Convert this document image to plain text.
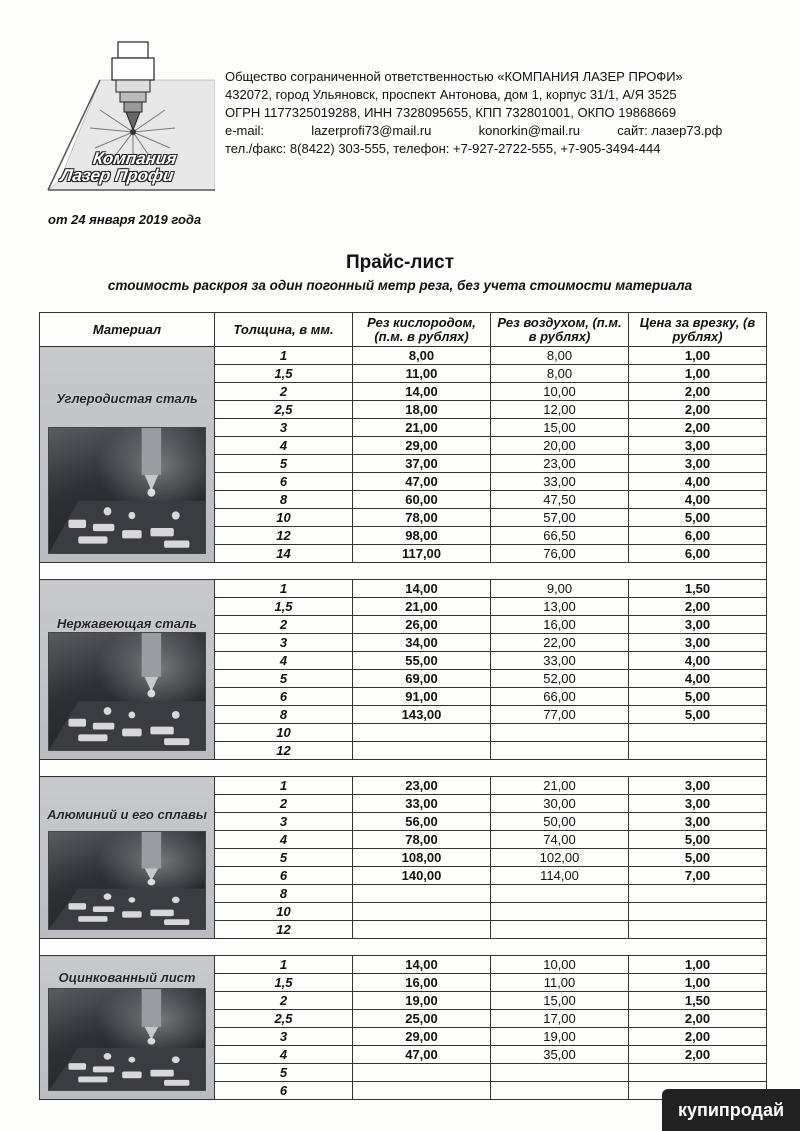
Компания
Лазер Профи
Общество сограниченной ответственностью «КОМПАНИЯ ЛАЗЕР ПРОФИ»
432072, город Ульяновск, проспект Антонова, дом 1, корпус 31/1, А/Я 3525
ОГРН 1177325019288, ИНН 7328095655, КПП 732801001, ОКПО 19868669
e-mail:	lazerprofi73@mail.ru	konorkin@mail.ru	сайт: лазер73.рф
тел./факс: 8(8422) 303-555, телефон: +7-927-2722-555, +7-905-3494-444
от 24 января 2019 года
Прайс-лист
стоимость раскроя за один погонный метр реза, без учета стоимости материала
Материал	Толщина, в мм.	Рез кислородом, (п.м. в рублях)	Рез воздухом, (п.м. в рублях)	Цена за врезку, (в рублях)

Углеродистая сталь	1	8,00	8,00	1,00
	1,5	11,00	8,00	1,00
	2	14,00	10,00	2,00
	2,5	18,00	12,00	2,00
	3	21,00	15,00	2,00
	4	29,00	20,00	3,00
	5	37,00	23,00	3,00
	6	47,00	33,00	4,00
	8	60,00	47,50	4,00
	10	78,00	57,00	5,00
	12	98,00	66,50	6,00
	14	117,00	76,00	6,00

Нержавеющая сталь	1	14,00	9,00	1,50
	1,5	21,00	13,00	2,00
	2	26,00	16,00	3,00
	3	34,00	22,00	3,00
	4	55,00	33,00	4,00
	5	69,00	52,00	4,00
	6	91,00	66,00	5,00
	8	143,00	77,00	5,00
	10			
	12			

Алюминий и его сплавы	1	23,00	21,00	3,00
	2	33,00	30,00	3,00
	3	56,00	50,00	3,00
	4	78,00	74,00	5,00
	5	108,00	102,00	5,00
	6	140,00	114,00	7,00
	8			
	10			
	12			

Оцинкованный лист	1	14,00	10,00	1,00
	1,5	16,00	11,00	1,00
	2	19,00	15,00	1,50
	2,5	25,00	17,00	2,00
	3	29,00	19,00	2,00
	4	47,00	35,00	2,00
	5			
	6			
купипродай
